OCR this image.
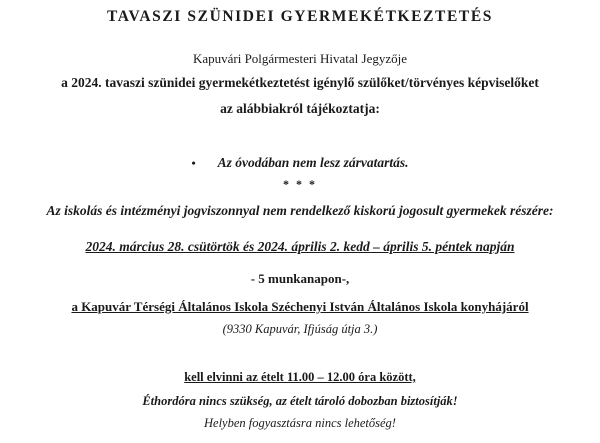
TAVASZI SZÜNIDEI GYERMEKÉTKEZTETÉS
Kapuvári Polgármesteri Hivatal Jegyzője
a 2024. tavaszi szünidei gyermekétkeztetést igénylő szülőket/törvényes képviselőket
az alábbiakról tájékoztatja:
• Az óvodában nem lesz zárvatartás.
* * *
Az iskolás és intézményi jogviszonnyal nem rendelkező kiskorú jogosult gyermekek részére:
2024. március 28. csütörtök és 2024. április 2. kedd – április 5. péntek napján
- 5 munkanapon-,
a Kapuvár Térségi Általános Iskola Széchenyi István Általános Iskola konyhájáról
(9330 Kapuvár, Ifjúság útja 3.)
kell elvinni az ételt 11.00 – 12.00 óra között,
Éthordóra nincs szükség, az ételt tároló dobozban biztosítják!
Helyben fogyasztásra nincs lehetőség!
